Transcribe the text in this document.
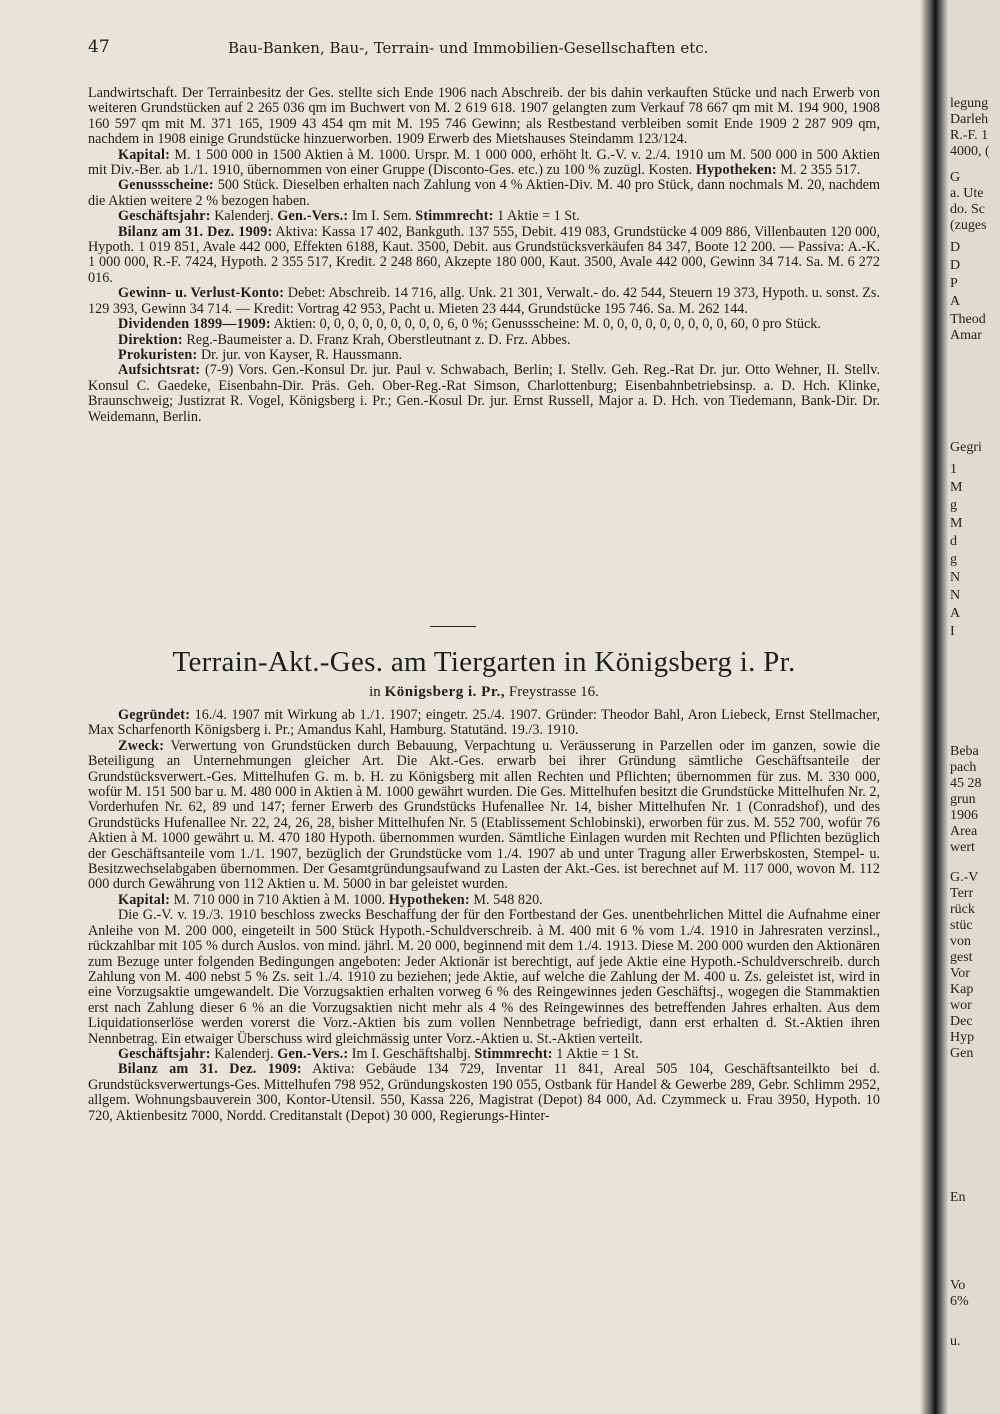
47	Bau-Banken, Bau-, Terrain- und Immobilien-Gesellschaften etc.

Landwirtschaft. Der Terrainbesitz der Ges. stellte sich Ende 1906 nach Abschreib. der bis dahin verkauften Stücke und nach Erwerb von weiteren Grundstücken auf 2 265 036 qm im Buchwert von M. 2 619 618. 1907 gelangten zum Verkauf 78 667 qm mit M. 194 900, 1908 160 597 qm mit M. 371 165, 1909 43 454 qm mit M. 195 746 Gewinn; als Restbestand verbleiben somit Ende 1909 2 287 909 qm, nachdem in 1908 einige Grundstücke hinzuerworben. 1909 Erwerb des Mietshauses Steindamm 123/124.

Kapital: M. 1 500 000 in 1500 Aktien à M. 1000. Urspr. M. 1 000 000, erhöht lt. G.-V. v. 2./4. 1910 um M. 500 000 in 500 Aktien mit Div.-Ber. ab 1./1. 1910, übernommen von einer Gruppe (Disconto-Ges. etc.) zu 100 % zuzügl. Kosten. Hypotheken: M. 2 355 517.

Genussscheine: 500 Stück. Dieselben erhalten nach Zahlung von 4 % Aktien-Div. M. 40 pro Stück, dann nochmals M. 20, nachdem die Aktien weitere 2 % bezogen haben.

Geschäftsjahr: Kalenderj. Gen.-Vers.: Im I. Sem. Stimmrecht: 1 Aktie = 1 St.

Bilanz am 31. Dez. 1909: Aktiva: Kassa 17 402, Bankguth. 137 555, Debit. 419 083, Grundstücke 4 009 886, Villenbauten 120 000, Hypoth. 1 019 851, Avale 442 000, Effekten 6188, Kaut. 3500, Debit. aus Grundstücksverkäufen 84 347, Boote 12 200. — Passiva: A.-K. 1 000 000, R.-F. 7424, Hypoth. 2 355 517, Kredit. 2 248 860, Akzepte 180 000, Kaut. 3500, Avale 442 000, Gewinn 34 714. Sa. M. 6 272 016.

Gewinn- u. Verlust-Konto: Debet: Abschreib. 14 716, allg. Unk. 21 301, Verwalt.- do. 42 544, Steuern 19 373, Hypoth. u. sonst. Zs. 129 393, Gewinn 34 714. — Kredit: Vortrag 42 953, Pacht u. Mieten 23 444, Grundstücke 195 746. Sa. M. 262 144.

Dividenden 1899—1909: Aktien: 0, 0, 0, 0, 0, 0, 0, 0, 0, 6, 0 %; Genussscheine: M. 0, 0, 0, 0, 0, 0, 0, 0, 0, 60, 0 pro Stück.

Direktion: Reg.-Baumeister a. D. Franz Krah, Oberstleutnant z. D. Frz. Abbes.

Prokuristen: Dr. jur. von Kayser, R. Haussmann.

Aufsichtsrat: (7-9) Vors. Gen.-Konsul Dr. jur. Paul v. Schwabach, Berlin; I. Stellv. Geh. Reg.-Rat Dr. jur. Otto Wehner, II. Stellv. Konsul C. Gaedeke, Eisenbahn-Dir. Präs. Geh. Ober-Reg.-Rat Simson, Charlottenburg; Eisenbahnbetriebsinsp. a. D. Hch. Klinke, Braunschweig; Justizrat R. Vogel, Königsberg i. Pr.; Gen.-Kosul Dr. jur. Ernst Russell, Major a. D. Hch. von Tiedemann, Bank-Dir. Dr. Weidemann, Berlin.

Terrain-Akt.-Ges. am Tiergarten in Königsberg i. Pr.
in Königsberg i. Pr., Freystrasse 16.

Gegründet: 16./4. 1907 mit Wirkung ab 1./1. 1907; eingetr. 25./4. 1907. Gründer: Theodor Bahl, Aron Liebeck, Ernst Stellmacher, Max Scharfenorth Königsberg i. Pr.; Amandus Kahl, Hamburg. Statutänd. 19./3. 1910.

Zweck: Verwertung von Grundstücken durch Bebauung, Verpachtung u. Veräusserung in Parzellen oder im ganzen, sowie die Beteiligung an Unternehmungen gleicher Art. Die Akt.-Ges. erwarb bei ihrer Gründung sämtliche Geschäftsanteile der Grundstücksverwert.-Ges. Mittelhufen G. m. b. H. zu Königsberg mit allen Rechten und Pflichten; übernommen für zus. M. 330 000, wofür M. 151 500 bar u. M. 480 000 in Aktien à M. 1000 gewährt wurden. Die Ges. Mittelhufen besitzt die Grundstücke Mittelhufen Nr. 2, Vorderhufen Nr. 62, 89 und 147; ferner Erwerb des Grundstücks Hufenallee Nr. 14, bisher Mittelhufen Nr. 1 (Conradshof), und des Grundstücks Hufenallee Nr. 22, 24, 26, 28, bisher Mittelhufen Nr. 5 (Etablissement Schlobinski), erworben für zus. M. 552 700, wofür 76 Aktien à M. 1000 gewährt u. M. 470 180 Hypoth. übernommen wurden. Sämtliche Einlagen wurden mit Rechten und Pflichten bezüglich der Geschäftsanteile vom 1./1. 1907, bezüglich der Grundstücke vom 1./4. 1907 ab und unter Tragung aller Erwerbskosten, Stempel- u. Besitzwechselabgaben übernommen. Der Gesamtgründungsaufwand zu Lasten der Akt.-Ges. ist berechnet auf M. 117 000, wovon M. 112 000 durch Gewährung von 112 Aktien u. M. 5000 in bar geleistet wurden.

Kapital: M. 710 000 in 710 Aktien à M. 1000. Hypotheken: M. 548 820.

Die G.-V. v. 19./3. 1910 beschloss zwecks Beschaffung der für den Fortbestand der Ges. unentbehrlichen Mittel die Aufnahme einer Anleihe von M. 200 000, eingeteilt in 500 Stück Hypoth.-Schuldverschreib. à M. 400 mit 6 % vom 1./4. 1910 in Jahresraten verzinsl., rückzahlbar mit 105 % durch Auslos. von mind. jährl. M. 20 000, beginnend mit dem 1./4. 1913. Diese M. 200 000 wurden den Aktionären zum Bezuge unter folgenden Bedingungen angeboten: Jeder Aktionär ist berechtigt, auf jede Aktie eine Hypoth.-Schuldverschreib. durch Zahlung von M. 400 nebst 5 % Zs. seit 1./4. 1910 zu beziehen; jede Aktie, auf welche die Zahlung der M. 400 u. Zs. geleistet ist, wird in eine Vorzugsaktie umgewandelt. Die Vorzugsaktien erhalten vorweg 6 % des Reingewinnes jeden Geschäftsj., wogegen die Stammaktien erst nach Zahlung dieser 6 % an die Vorzugsaktien nicht mehr als 4 % des Reingewinnes des betreffenden Jahres erhalten. Aus dem Liquidationserlöse werden vorerst die Vorz.-Aktien bis zum vollen Nennbetrage befriedigt, dann erst erhalten d. St.-Aktien ihren Nennbetrag. Ein etwaiger Überschuss wird gleichmässig unter Vorz.-Aktien u. St.-Aktien verteilt.

Geschäftsjahr: Kalenderj. Gen.-Vers.: Im I. Geschäftshalbj. Stimmrecht: 1 Aktie = 1 St.

Bilanz am 31. Dez. 1909: Aktiva: Gebäude 134 729, Inventar 11 841, Areal 505 104, Geschäftsanteilkto bei d. Grundstücksverwertungs-Ges. Mittelhufen 798 952, Gründungskosten 190 055, Ostbank für Handel & Gewerbe 289, Gebr. Schlimm 2952, allgem. Wohnungsbauverein 300, Kontor-Utensil. 550, Kassa 226, Magistrat (Depot) 84 000, Ad. Czymmeck u. Frau 3950, Hypoth. 10 720, Aktienbesitz 7000, Nordd. Creditanstalt (Depot) 30 000, Regierungs-Hinter-

legung
Darleh
R.-F. 1
4000, (
G
a. Ute
do. Sc
(zuges
D
D
P
A
Theod
Amar
Gegri
1
M
g
M
d
g
N
N
A
I
Beba
pach
45 28
grun
1906
Area
wert
G.-V
Terr
rück
stüc
von
gest
Vor
Kap
wor
Dec
Hyp
Gen
En
Vo
6%
u.
